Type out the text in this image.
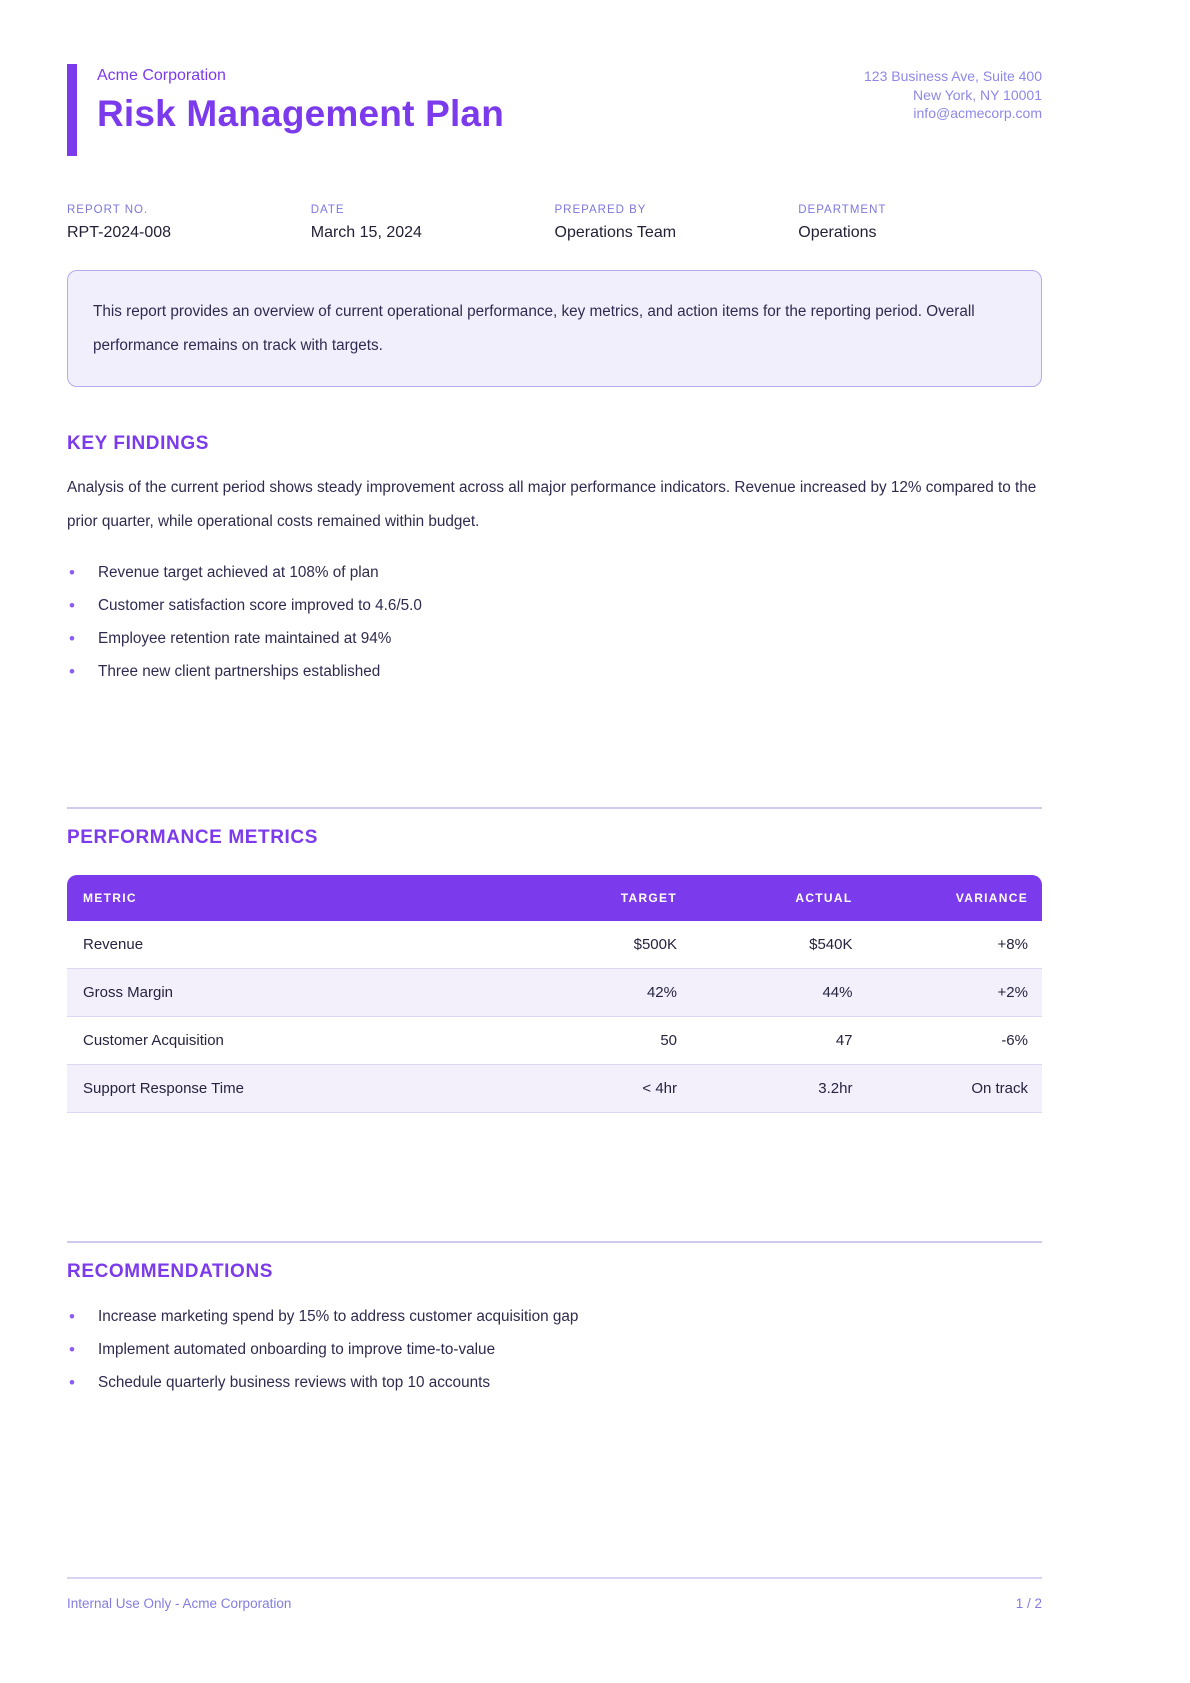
Acme Corporation
Risk Management Plan
123 Business Ave, Suite 400
New York, NY 10001
info@acmecorp.com
REPORT NO.
RPT-2024-008
DATE
March 15, 2024
PREPARED BY
Operations Team
DEPARTMENT
Operations

This report provides an overview of current operational performance, key metrics, and action items for the reporting period. Overall performance remains on track with targets.

KEY FINDINGS

Analysis of the current period shows steady improvement across all major performance indicators. Revenue increased by 12% compared to the prior quarter, while operational costs remained within budget.

•
Revenue target achieved at 108% of plan
•
Customer satisfaction score improved to 4.6/5.0
•
Employee retention rate maintained at 94%
•
Three new client partnerships established
PERFORMANCE METRICS
METRIC	TARGET	ACTUAL	VARIANCE
Revenue	$500K	$540K	+8%
Gross Margin	42%	44%	+2%
Customer Acquisition	50	47	-6%
Support Response Time	< 4hr	3.2hr	On track
RECOMMENDATIONS
•
Increase marketing spend by 15% to address customer acquisition gap
•
Implement automated onboarding to improve time-to-value
•
Schedule quarterly business reviews with top 10 accounts
Internal Use Only - Acme Corporation	1 / 2
